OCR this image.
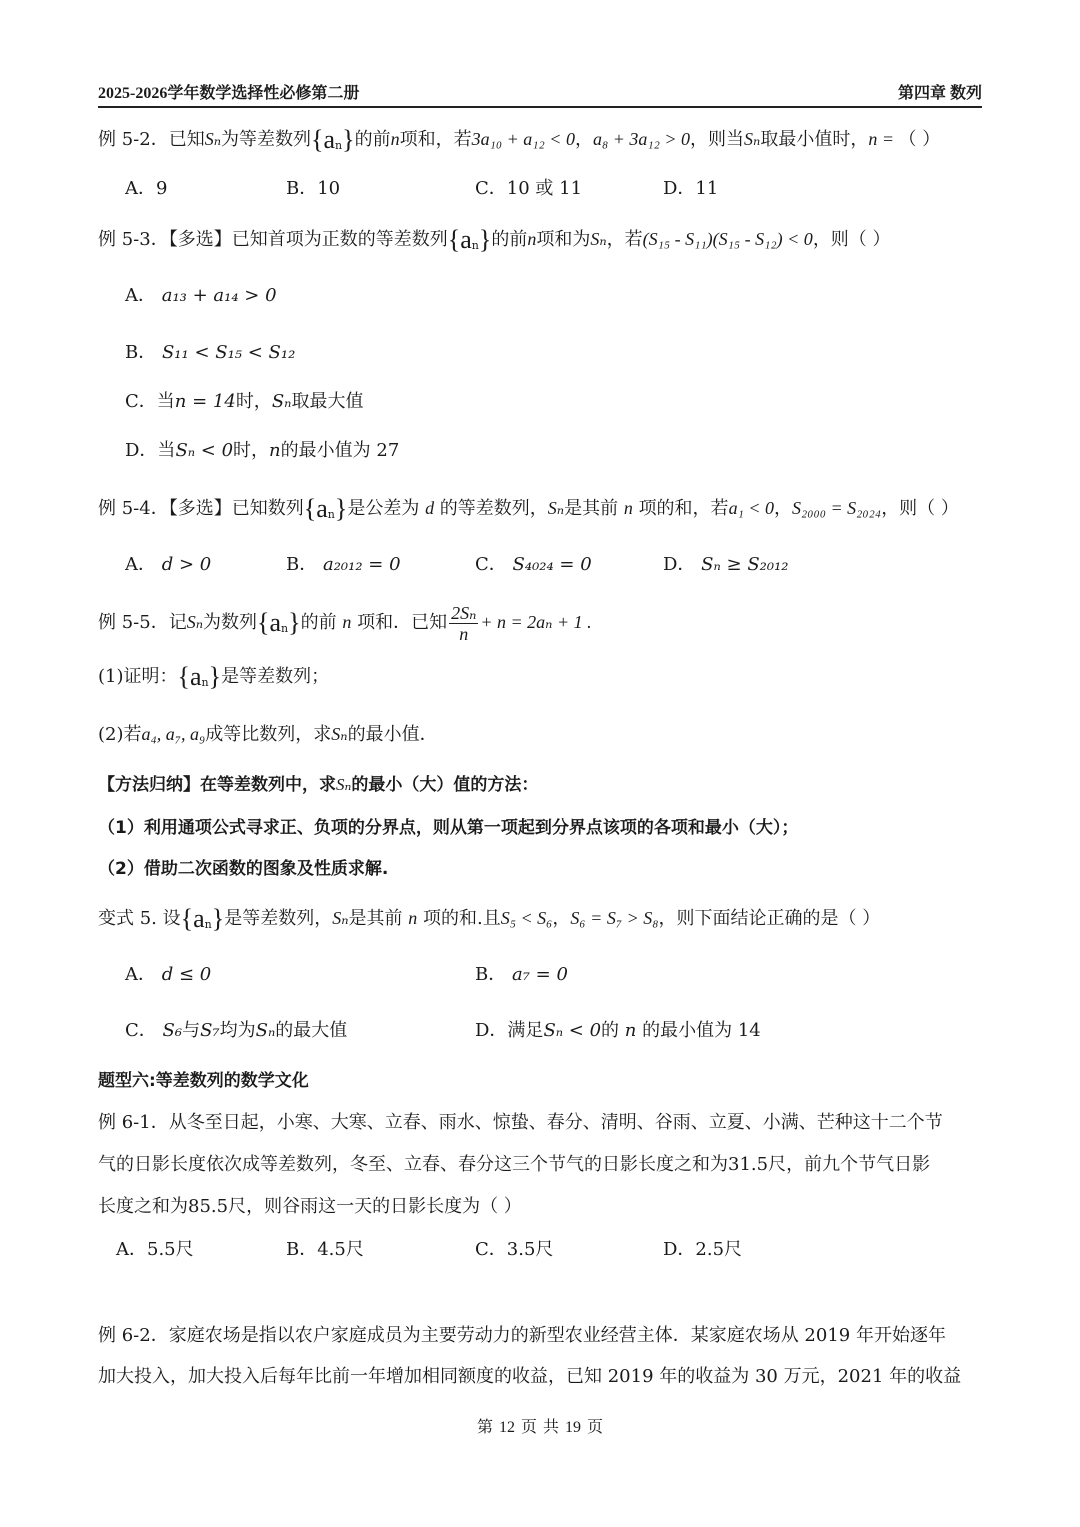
2025-2026学年数学选择性必修第二册	第四章 数列
例 5-2．已知Sₙ为等差数列$\{a_n\}$的前n项和，若3a₁₀ + a₁₂ < 0，a₈ + 3a₁₂ > 0，则当Sₙ取最小值时，n = （ ）
A．9	B．10	C．10 或 11	D．11
例 5-3．【多选】已知首项为正数的等差数列$\{a_n\}$的前n项和为Sₙ，若(S₁₅ - S₁₁)(S₁₅ - S₁₂) < 0，则（ ）
A． a₁₃ + a₁₄ > 0
B． S₁₁ < S₁₅ < S₁₂
C．当n = 14时，Sₙ取最大值
D．当Sₙ < 0时，n的最小值为 27
例 5-4．【多选】已知数列$\{a_n\}$是公差为 d 的等差数列，Sₙ是其前 n 项的和，若a₁ < 0，S₂₀₀₀ = S₂₀₂₄，则（ ）
A． d > 0	B． a₂₀₁₂ = 0	C． S₄₀₂₄ = 0	D． Sₙ ≥ S₂₀₁₂
例 5-5．记Sₙ为数列$\{a_n\}$的前 n 项和．已知 $\frac{\text{2Sₙ}}{n} + n = 2a_n + 1$ .
(1)证明：$\{a_n\}$是等差数列；
(2)若a₄, a₇, a₉成等比数列，求Sₙ的最小值．
【方法归纳】在等差数列中，求Sₙ的最小（大）值的方法：
（1）利用通项公式寻求正、负项的分界点，则从第一项起到分界点该项的各项和最小（大）；
（2）借助二次函数的图象及性质求解.
变式 5. 设$\{a_n\}$是等差数列，Sₙ是其前 n 项的和.且S₅ < S₆，S₆ = S₇ > S₈，则下面结论正确的是（ ）
A． d ≤ 0	B． a₇ = 0
C． S₆与S₇均为Sₙ的最大值	D．满足Sₙ < 0的 n 的最小值为 14
题型六:等差数列的数学文化
例 6-1．从冬至日起，小寒、大寒、立春、雨水、惊蛰、春分、清明、谷雨、立夏、小满、芒种这十二个节
气的日影长度依次成等差数列，冬至、立春、春分这三个节气的日影长度之和为31.5尺，前九个节气日影
长度之和为85.5尺，则谷雨这一天的日影长度为（ ）
A．5.5尺	B．4.5尺	C．3.5尺	D．2.5尺
例 6-2．家庭农场是指以农户家庭成员为主要劳动力的新型农业经营主体．某家庭农场从 2019 年开始逐年
加大投入，加大投入后每年比前一年增加相同额度的收益，已知 2019 年的收益为 30 万元，2021 年的收益
第 12 页 共 19 页
